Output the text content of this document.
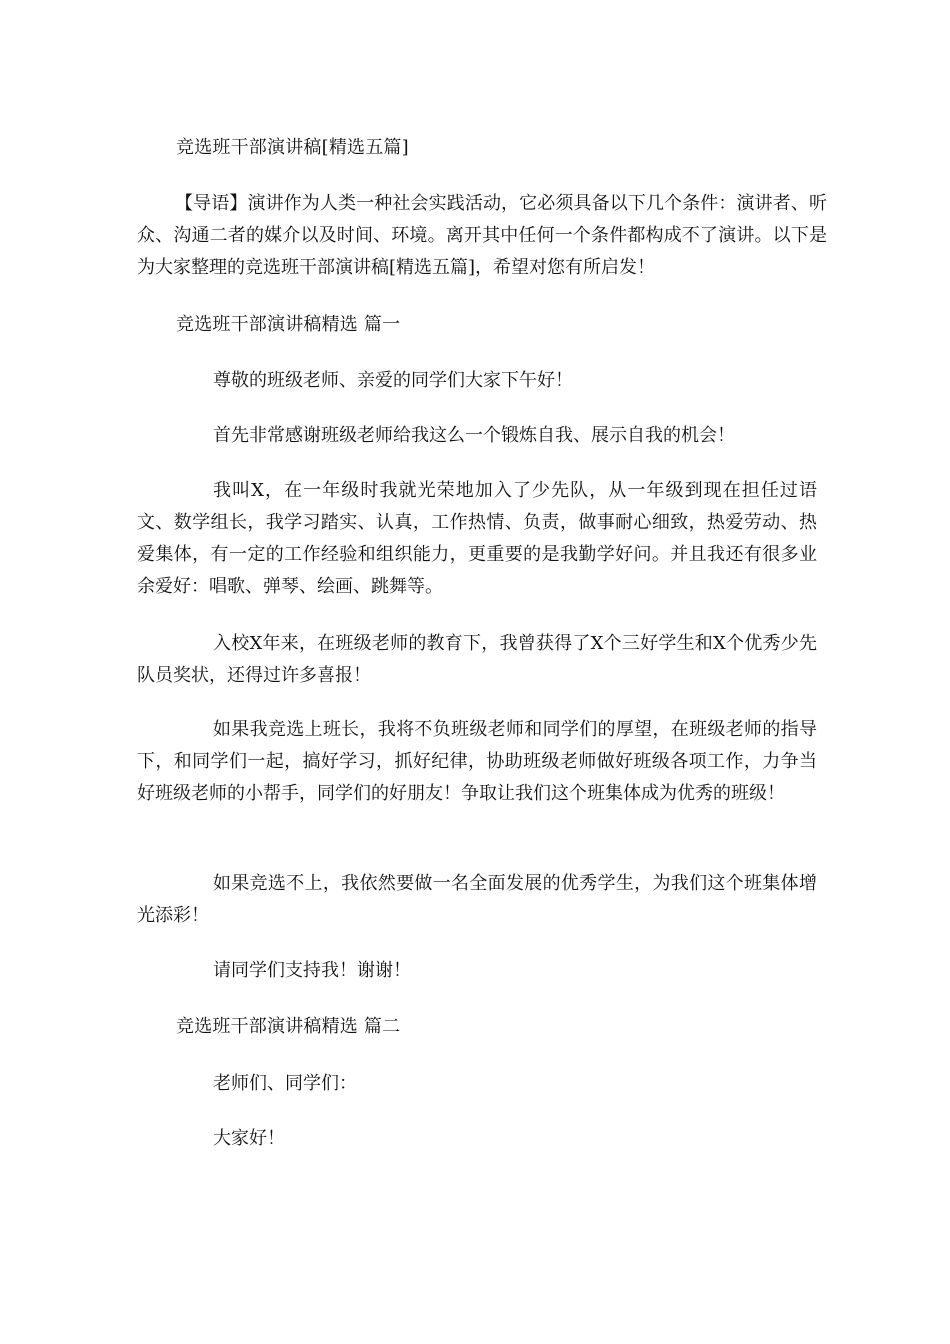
竞选班干部演讲稿[精选五篇]

【导语】演讲作为人类一种社会实践活动，它必须具备以下几个条件：演讲者、听众、沟通二者的媒介以及时间、环境。离开其中任何一个条件都构成不了演讲。以下是为大家整理的竞选班干部演讲稿[精选五篇]，希望对您有所启发！

竞选班干部演讲稿精选 篇一

尊敬的班级老师、亲爱的同学们大家下午好！

首先非常感谢班级老师给我这么一个锻炼自我、展示自我的机会！

我叫X，在一年级时我就光荣地加入了少先队，从一年级到现在担任过语文、数学组长，我学习踏实、认真，工作热情、负责，做事耐心细致，热爱劳动、热爱集体，有一定的工作经验和组织能力，更重要的是我勤学好问。并且我还有很多业余爱好：唱歌、弹琴、绘画、跳舞等。

入校X年来，在班级老师的教育下，我曾获得了X个三好学生和X个优秀少先队员奖状，还得过许多喜报！

如果我竞选上班长，我将不负班级老师和同学们的厚望，在班级老师的指导下，和同学们一起，搞好学习，抓好纪律，协助班级老师做好班级各项工作，力争当好班级老师的小帮手，同学们的好朋友！争取让我们这个班集体成为优秀的班级！

如果竞选不上，我依然要做一名全面发展的优秀学生，为我们这个班集体增光添彩！

请同学们支持我！谢谢！

竞选班干部演讲稿精选 篇二

老师们、同学们：

大家好！
